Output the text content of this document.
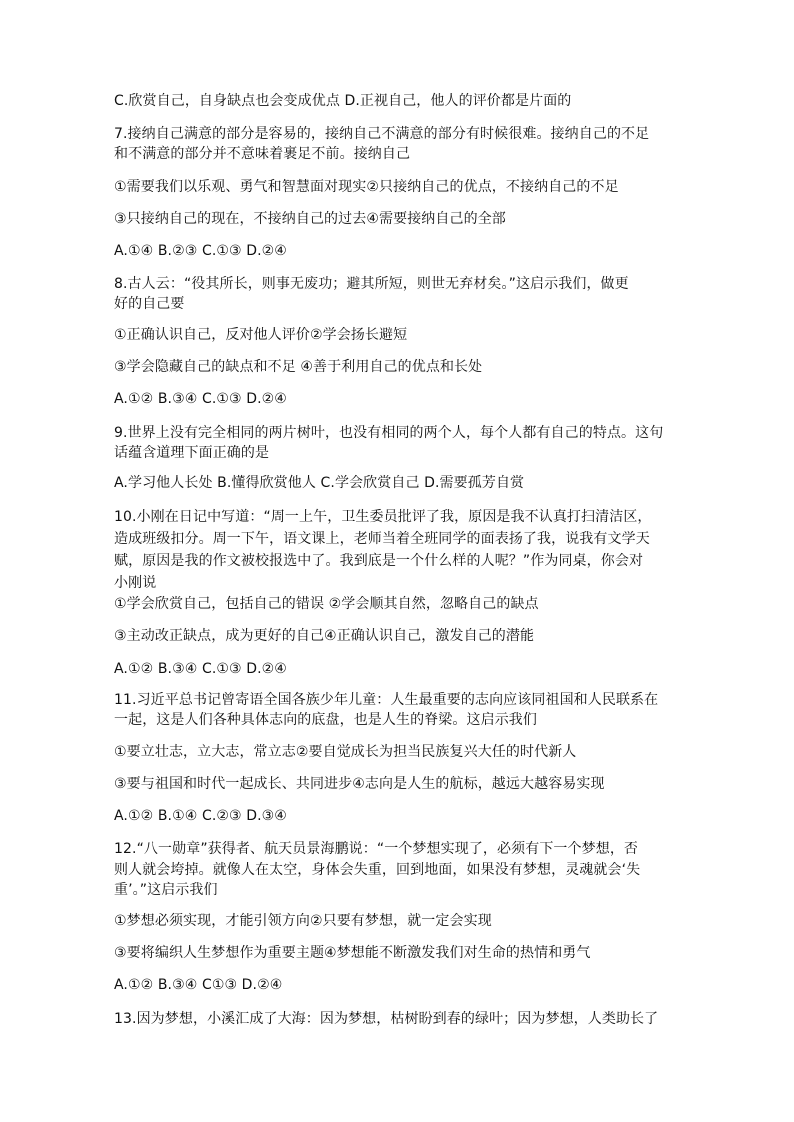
C.欣赏自己，自身缺点也会变成优点 D.正视自己，他人的评价都是片面的
7.接纳自己满意的部分是容易的，接纳自己不满意的部分有时候很难。接纳自己的不足
和不满意的部分并不意味着裹足不前。接纳自己
①需要我们以乐观、勇气和智慧面对现实②只接纳自己的优点，不接纳自己的不足
③只接纳自己的现在，不接纳自己的过去④需要接纳自己的全部
A.①④ B.②③ C.①③ D.②④
8.古人云：“役其所长，则事无废功；避其所短，则世无弃材矣。”这启示我们，做更
好的自己要
①正确认识自己，反对他人评价②学会扬长避短
③学会隐藏自己的缺点和不足 ④善于利用自己的优点和长处
A.①② B.③④ C.①③ D.②④
9.世界上没有完全相同的两片树叶，也没有相同的两个人，每个人都有自己的特点。这句
话蕴含道理下面正确的是
A.学习他人长处 B.懂得欣赏他人 C.学会欣赏自己 D.需要孤芳自赏
10.小刚在日记中写道：“周一上午，卫生委员批评了我，原因是我不认真打扫清洁区，
造成班级扣分。周一下午，语文课上，老师当着全班同学的面表扬了我，说我有文学天
赋，原因是我的作文被校报选中了。我到底是一个什么样的人呢？”作为同桌，你会对
小刚说
①学会欣赏自己，包括自己的错误 ②学会顺其自然，忽略自己的缺点
③主动改正缺点，成为更好的自己④正确认识自己，激发自己的潜能
A.①② B.③④ C.①③ D.②④
11.习近平总书记曾寄语全国各族少年儿童：人生最重要的志向应该同祖国和人民联系在
一起，这是人们各种具体志向的底盘，也是人生的脊梁。这启示我们
①要立壮志，立大志，常立志②要自觉成长为担当民族复兴大任的时代新人
③要与祖国和时代一起成长、共同进步④志向是人生的航标，越远大越容易实现
A.①② B.①④ C.②③ D.③④
12.“八一勋章”获得者、航天员景海鹏说：“一个梦想实现了，必须有下一个梦想，否
则人就会垮掉。就像人在太空，身体会失重，回到地面，如果没有梦想，灵魂就会‘失
重’。”这启示我们
①梦想必须实现，才能引领方向②只要有梦想，就一定会实现
③要将编织人生梦想作为重要主题④梦想能不断激发我们对生命的热情和勇气
A.①② B.③④ C①③ D.②④
13.因为梦想，小溪汇成了大海：因为梦想，枯树盼到春的绿叶；因为梦想，人类助长了
